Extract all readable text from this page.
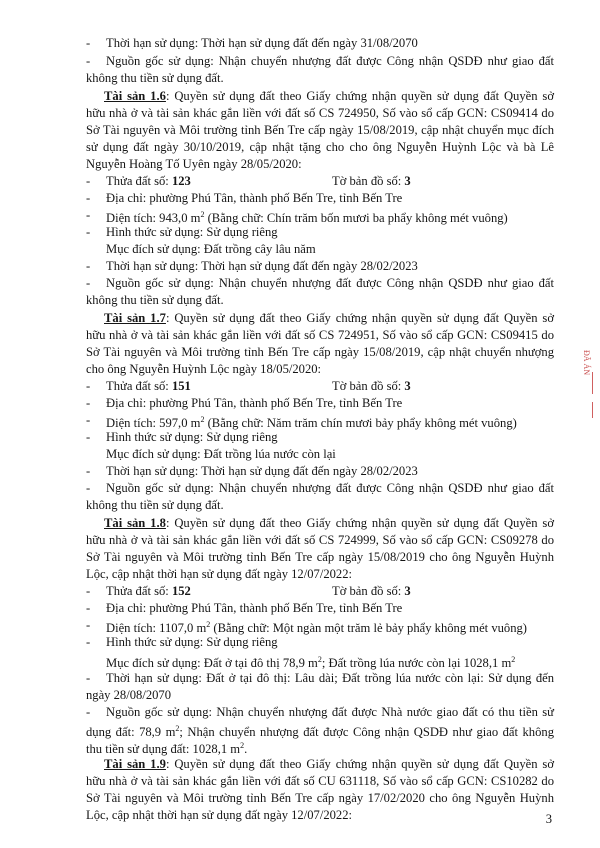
- Thời hạn sử dụng: Thời hạn sử dụng đất đến ngày 31/08/2070
Nguồn gốc sử dụng: Nhận chuyển nhượng đất được Công nhận QSDĐ như giao đất
không thu tiền sử dụng đất.
-
Tài sản 1.6: Quyền sử dụng đất theo Giấy chứng nhận quyền sử dụng đất Quyền sở
hữu nhà ở và tài sản khác gắn liền với đất số CS 724950, Số vào sổ cấp GCN: CS09414 do
Sở Tài nguyên và Môi trường tỉnh Bến Tre cấp ngày 15/08/2019, cập nhật chuyển mục đích
sử dụng đất ngày 30/10/2019, cập nhật tặng cho cho ông Nguyễn Huỳnh Lộc và bà Lê
Nguyễn Hoàng Tố Uyên ngày 28/05/2020:
Thửa đất số: 123	Tờ bản đồ số: 3
Địa chỉ: phường Phú Tân, thành phố Bến Tre, tỉnh Bến Tre
Diện tích: 943,0 $m^2$ (Bằng chữ: Chín trăm bốn mươi ba phẩy không mét vuông)
Hình thức sử dụng: Sử dụng riêng
Mục đích sử dụng: Đất trồng cây lâu năm
Thời hạn sử dụng: Thời hạn sử dụng đất đến ngày 28/02/2023
Nguồn gốc sử dụng: Nhận chuyển nhượng đất được Công nhận QSDĐ như giao đất
không thu tiền sử dụng đất.
-
-
-
-
-
-
Tài sản 1.7: Quyền sử dụng đất theo Giấy chứng nhận quyền sử dụng đất Quyền sở
hữu nhà ở và tài sản khác gắn liền với đất số CS 724951, Số vào sổ cấp GCN: CS09415 do
Sở Tài nguyên và Môi trường tỉnh Bến Tre cấp ngày 15/08/2019, cập nhật chuyển nhượng
cho ông Nguyễn Huỳnh Lộc ngày 18/05/2020:
Thửa đất số: 151	Tờ bản đồ số: 3
Địa chỉ: phường Phú Tân, thành phố Bến Tre, tỉnh Bến Tre
Diện tích: 597,0 $m^2$ (Bằng chữ: Năm trăm chín mươi bảy phẩy không mét vuông)
Hình thức sử dụng: Sử dụng riêng
Mục đích sử dụng: Đất trồng lúa nước còn lại
Thời hạn sử dụng: Thời hạn sử dụng đất đến ngày 28/02/2023
Nguồn gốc sử dụng: Nhận chuyển nhượng đất được Công nhận QSDĐ như giao đất
không thu tiền sử dụng đất.
-
-
-
-
-
-
Tài sản 1.8: Quyền sử dụng đất theo Giấy chứng nhận quyền sử dụng đất Quyền sở
hữu nhà ở và tài sản khác gắn liền với đất số CS 724999, Số vào sổ cấp GCN: CS09278 do
Sở Tài nguyên và Môi trường tỉnh Bến Tre cấp ngày 15/08/2019 cho ông Nguyễn Huỳnh
Lộc, cập nhật thời hạn sử dụng đất ngày 12/07/2022:
Thửa đất số: 152	Tờ bản đồ số: 3
Địa chỉ: phường Phú Tân, thành phố Bến Tre, tỉnh Bến Tre
Diện tích: 1107,0 $m^2$ (Bằng chữ: Một ngàn một trăm lẻ bảy phẩy không mét vuông)
Hình thức sử dụng: Sử dụng riêng
Mục đích sử dụng: Đất ở tại đô thị 78,9 $m^2$; Đất trồng lúa nước còn lại 1028,1 $m^2$
Thời hạn sử dụng: Đất ở tại đô thị: Lâu dài; Đất trồng lúa nước còn lại: Sử dụng đến
ngày 28/08/2070
Nguồn gốc sử dụng: Nhận chuyển nhượng đất được Nhà nước giao đất có thu tiền sử
dụng đất: 78,9 $m^2$; Nhận chuyển nhượng đất được Công nhận QSDĐ như giao đất không
thu tiền sử dụng đất: 1028,1 $m^2$.
-
-
-
-
-
-
Tài sản 1.9: Quyền sử dụng đất theo Giấy chứng nhận quyền sử dụng đất Quyền sở
hữu nhà ở và tài sản khác gắn liền với đất số CU 631118, Số vào sổ cấp GCN: CS10282 do
Sở Tài nguyên và Môi trường tỉnh Bến Tre cấp ngày 17/02/2020 cho ông Nguyễn Huỳnh
Lộc, cập nhật thời hạn sử dụng đất ngày 12/07/2022:	3
ĐÃ ÁN
